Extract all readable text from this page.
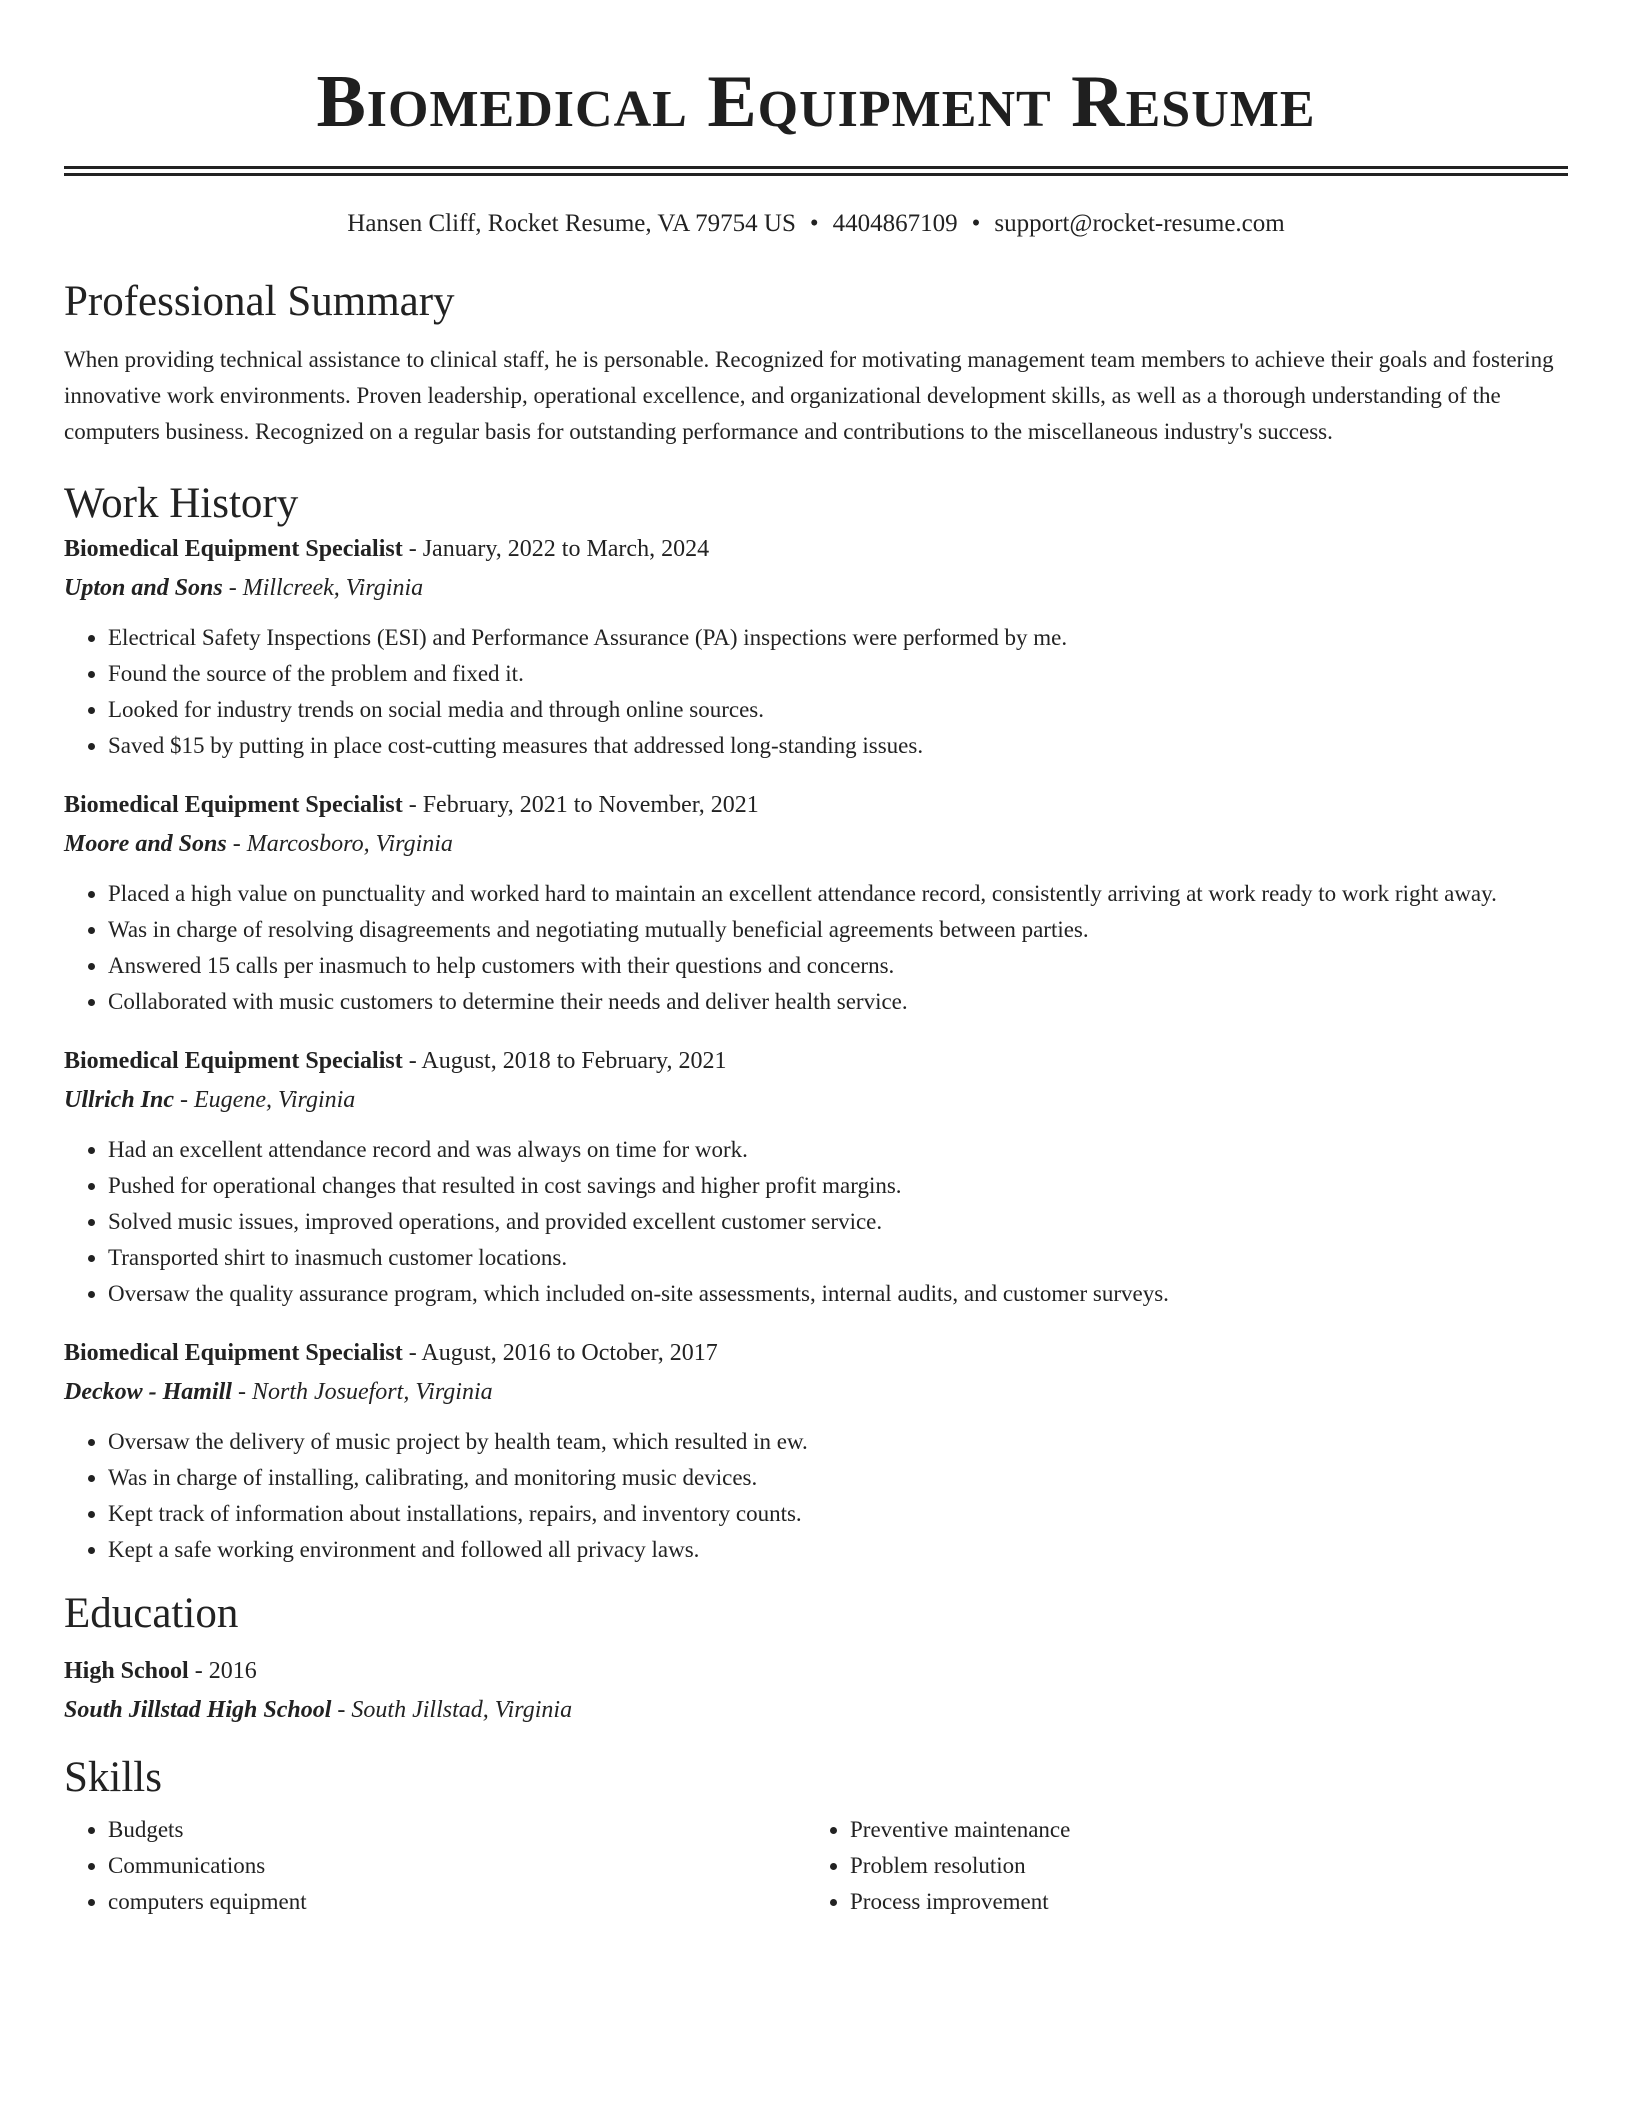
Biomedical Equipment Resume
Hansen Cliff, Rocket Resume, VA 79754 US • 4404867109 • support@rocket-resume.com
Professional Summary

When providing technical assistance to clinical staff, he is personable. Recognized for motivating management team members to achieve their goals and fostering innovative work environments. Proven leadership, operational excellence, and organizational development skills, as well as a thorough understanding of the computers business. Recognized on a regular basis for outstanding performance and contributions to the miscellaneous industry's success.

Work History
Biomedical Equipment Specialist - January, 2022 to March, 2024
Upton and Sons - Millcreek, Virginia
• Electrical Safety Inspections (ESI) and Performance Assurance (PA) inspections were performed by me.
• Found the source of the problem and fixed it.
• Looked for industry trends on social media and through online sources.
• Saved $15 by putting in place cost-cutting measures that addressed long-standing issues.
Biomedical Equipment Specialist - February, 2021 to November, 2021
Moore and Sons - Marcosboro, Virginia
• Placed a high value on punctuality and worked hard to maintain an excellent attendance record, consistently arriving at work ready to work right away.
• Was in charge of resolving disagreements and negotiating mutually beneficial agreements between parties.
• Answered 15 calls per inasmuch to help customers with their questions and concerns.
• Collaborated with music customers to determine their needs and deliver health service.
Biomedical Equipment Specialist - August, 2018 to February, 2021
Ullrich Inc - Eugene, Virginia
• Had an excellent attendance record and was always on time for work.
• Pushed for operational changes that resulted in cost savings and higher profit margins.
• Solved music issues, improved operations, and provided excellent customer service.
• Transported shirt to inasmuch customer locations.
• Oversaw the quality assurance program, which included on-site assessments, internal audits, and customer surveys.
Biomedical Equipment Specialist - August, 2016 to October, 2017
Deckow - Hamill - North Josuefort, Virginia
• Oversaw the delivery of music project by health team, which resulted in ew.
• Was in charge of installing, calibrating, and monitoring music devices.
• Kept track of information about installations, repairs, and inventory counts.
• Kept a safe working environment and followed all privacy laws.
Education
High School - 2016
South Jillstad High School - South Jillstad, Virginia
Skills
• Budgets
• Communications
• computers equipment
• Preventive maintenance
• Problem resolution
• Process improvement
